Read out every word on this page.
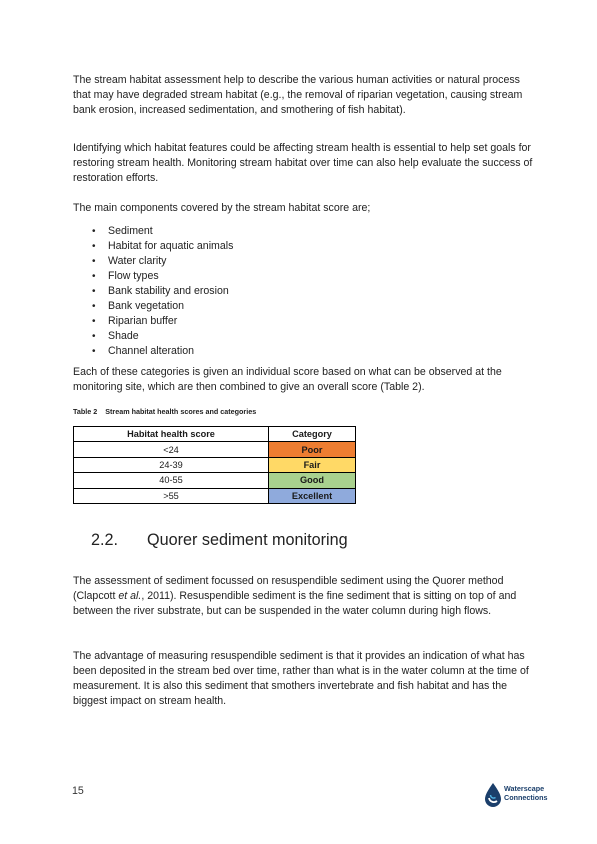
The stream habitat assessment help to describe the various human activities or natural process that may have degraded stream habitat (e.g., the removal of riparian vegetation, causing stream bank erosion, increased sedimentation, and smothering of fish habitat).

Identifying which habitat features could be affecting stream health is essential to help set goals for restoring stream health. Monitoring stream habitat over time can also help evaluate the success of restoration efforts.

The main components covered by the stream habitat score are;

• Sediment
• Habitat for aquatic animals
• Water clarity
• Flow types
• Bank stability and erosion
• Bank vegetation
• Riparian buffer
• Shade
• Channel alteration

Each of these categories is given an individual score based on what can be observed at the monitoring site, which are then combined to give an overall score (Table 2).

Table 2 Stream habitat health scores and categories
Habitat health score	Category
<24	Poor
24-39	Fair
40-55	Good
>55	Excellent
2.2. Quorer sediment monitoring

The assessment of sediment focussed on resuspendible sediment using the Quorer method (Clapcott et al., 2011). Resuspendible sediment is the fine sediment that is sitting on top of and between the river substrate, but can be suspended in the water column during high flows.

The advantage of measuring resuspendible sediment is that it provides an indication of what has been deposited in the stream bed over time, rather than what is in the water column at the time of measurement. It is also this sediment that smothers invertebrate and fish habitat and has the biggest impact on stream health.

15	Waterscape
Connections
